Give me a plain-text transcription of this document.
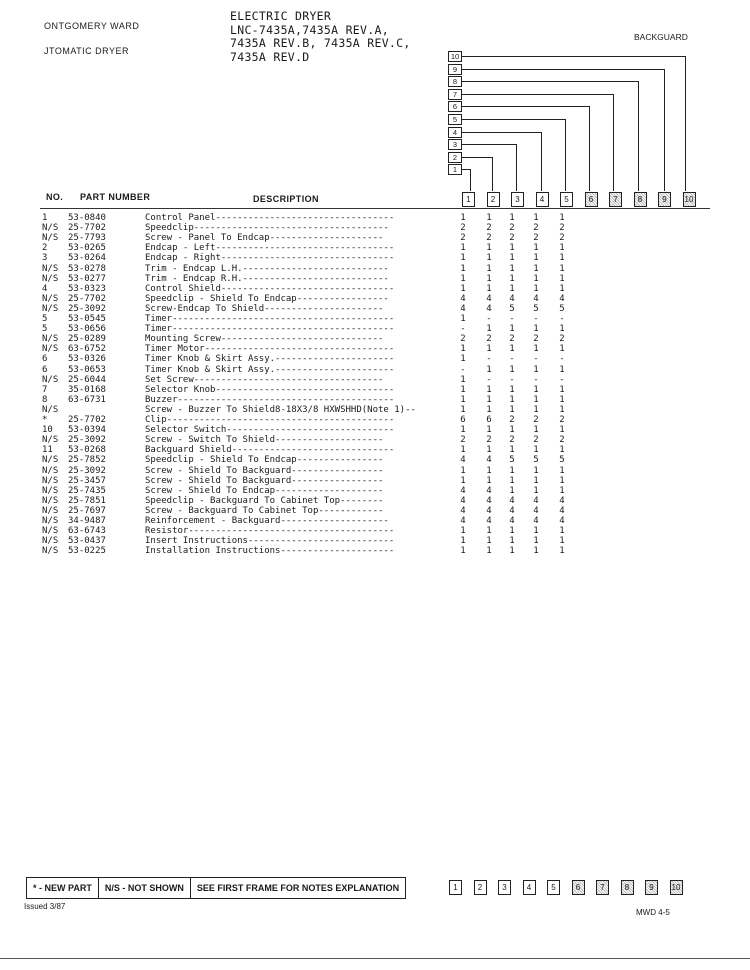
ONTGOMERY WARD
JTOMATIC DRYER
ELECTRIC DRYER
LNC-7435A,7435A REV.A,
7435A REV.B, 7435A REV.C,
7435A REV.D
BACKGUARD
10
9
8
7
6
5
4
3
2
1
NO. PART NUMBER	DESCRIPTION	1	2	3	4	5	6	7	8	9	10
1	53-0840	Control Panel---------------------------------	1 1 1 1 1
N/S	25-7702	Speedclip------------------------------------	2 2 2 2 2
N/S	25-7793	Screw - Panel To Endcap---------------------	2 2 2 2 2
2	53-0265	Endcap - Left---------------------------------	1 1 1 1 1
3	53-0264	Endcap - Right--------------------------------	1 1 1 1 1
N/S	53-0278	Trim - Endcap L.H.---------------------------	1 1 1 1 1
N/S	53-0277	Trim - Endcap R.H.---------------------------	1 1 1 1 1
4	53-0323	Control Shield--------------------------------	1 1 1 1 1
N/S	25-7702	Speedclip - Shield To Endcap-----------------	4 4 4 4 4
N/S	25-3092	Screw-Endcap To Shield----------------------	4 4 5 5 5
5	53-0545	Timer-----------------------------------------	1 - - - -
5	53-0656	Timer-----------------------------------------	- 1 1 1 1
N/S	25-0289	Mounting Screw------------------------------	2 2 2 2 2
N/S	63-6752	Timer Motor-----------------------------------	1 1 1 1 1
6	53-0326	Timer Knob & Skirt Assy.----------------------	1 - - - -
6	53-0653	Timer Knob & Skirt Assy.----------------------	- 1 1 1 1
N/S	25-6044	Set Screw-----------------------------------	1 - - - -
7	35-0168	Selector Knob---------------------------------	1 1 1 1 1
8	63-6731	Buzzer----------------------------------------	1 1 1 1 1
N/S	Screw - Buzzer To Shield8-18X3/8 HXWSHHD(Note 1)--	1 1 1 1 1
*	25-7702	Clip------------------------------------------	6 6 2 2 2
10	53-0394	Selector Switch-------------------------------	1 1 1 1 1
N/S	25-3092	Screw - Switch To Shield--------------------	2 2 2 2 2
11	53-0268	Backguard Shield------------------------------	1 1 1 1 1
N/S	25-7852	Speedclip - Shield To Endcap----------------	4 4 5 5 5
N/S	25-3092	Screw - Shield To Backguard-----------------	1 1 1 1 1
N/S	25-3457	Screw - Shield To Backguard-----------------	1 1 1 1 1
N/S	25-7435	Screw - Shield To Endcap--------------------	4 4 1 1 1
N/S	25-7851	Speedclip - Backguard To Cabinet Top--------	4 4 4 4 4
N/S	25-7697	Screw - Backguard To Cabinet Top------------	4 4 4 4 4
N/S	34-9487	Reinforcement - Backguard--------------------	4 4 4 4 4
N/S	63-6743	Resistor--------------------------------------	1 1 1 1 1
N/S	53-0437	Insert Instructions---------------------------	1 1 1 1 1
N/S	53-0225	Installation Instructions---------------------	1 1 1 1 1
* - NEW PART	N/S - NOT SHOWN	SEE FIRST FRAME FOR NOTES EXPLANATION	1	2	3	4	5	6	7	8	9	10
Issued 3/87
MWD 4-5
